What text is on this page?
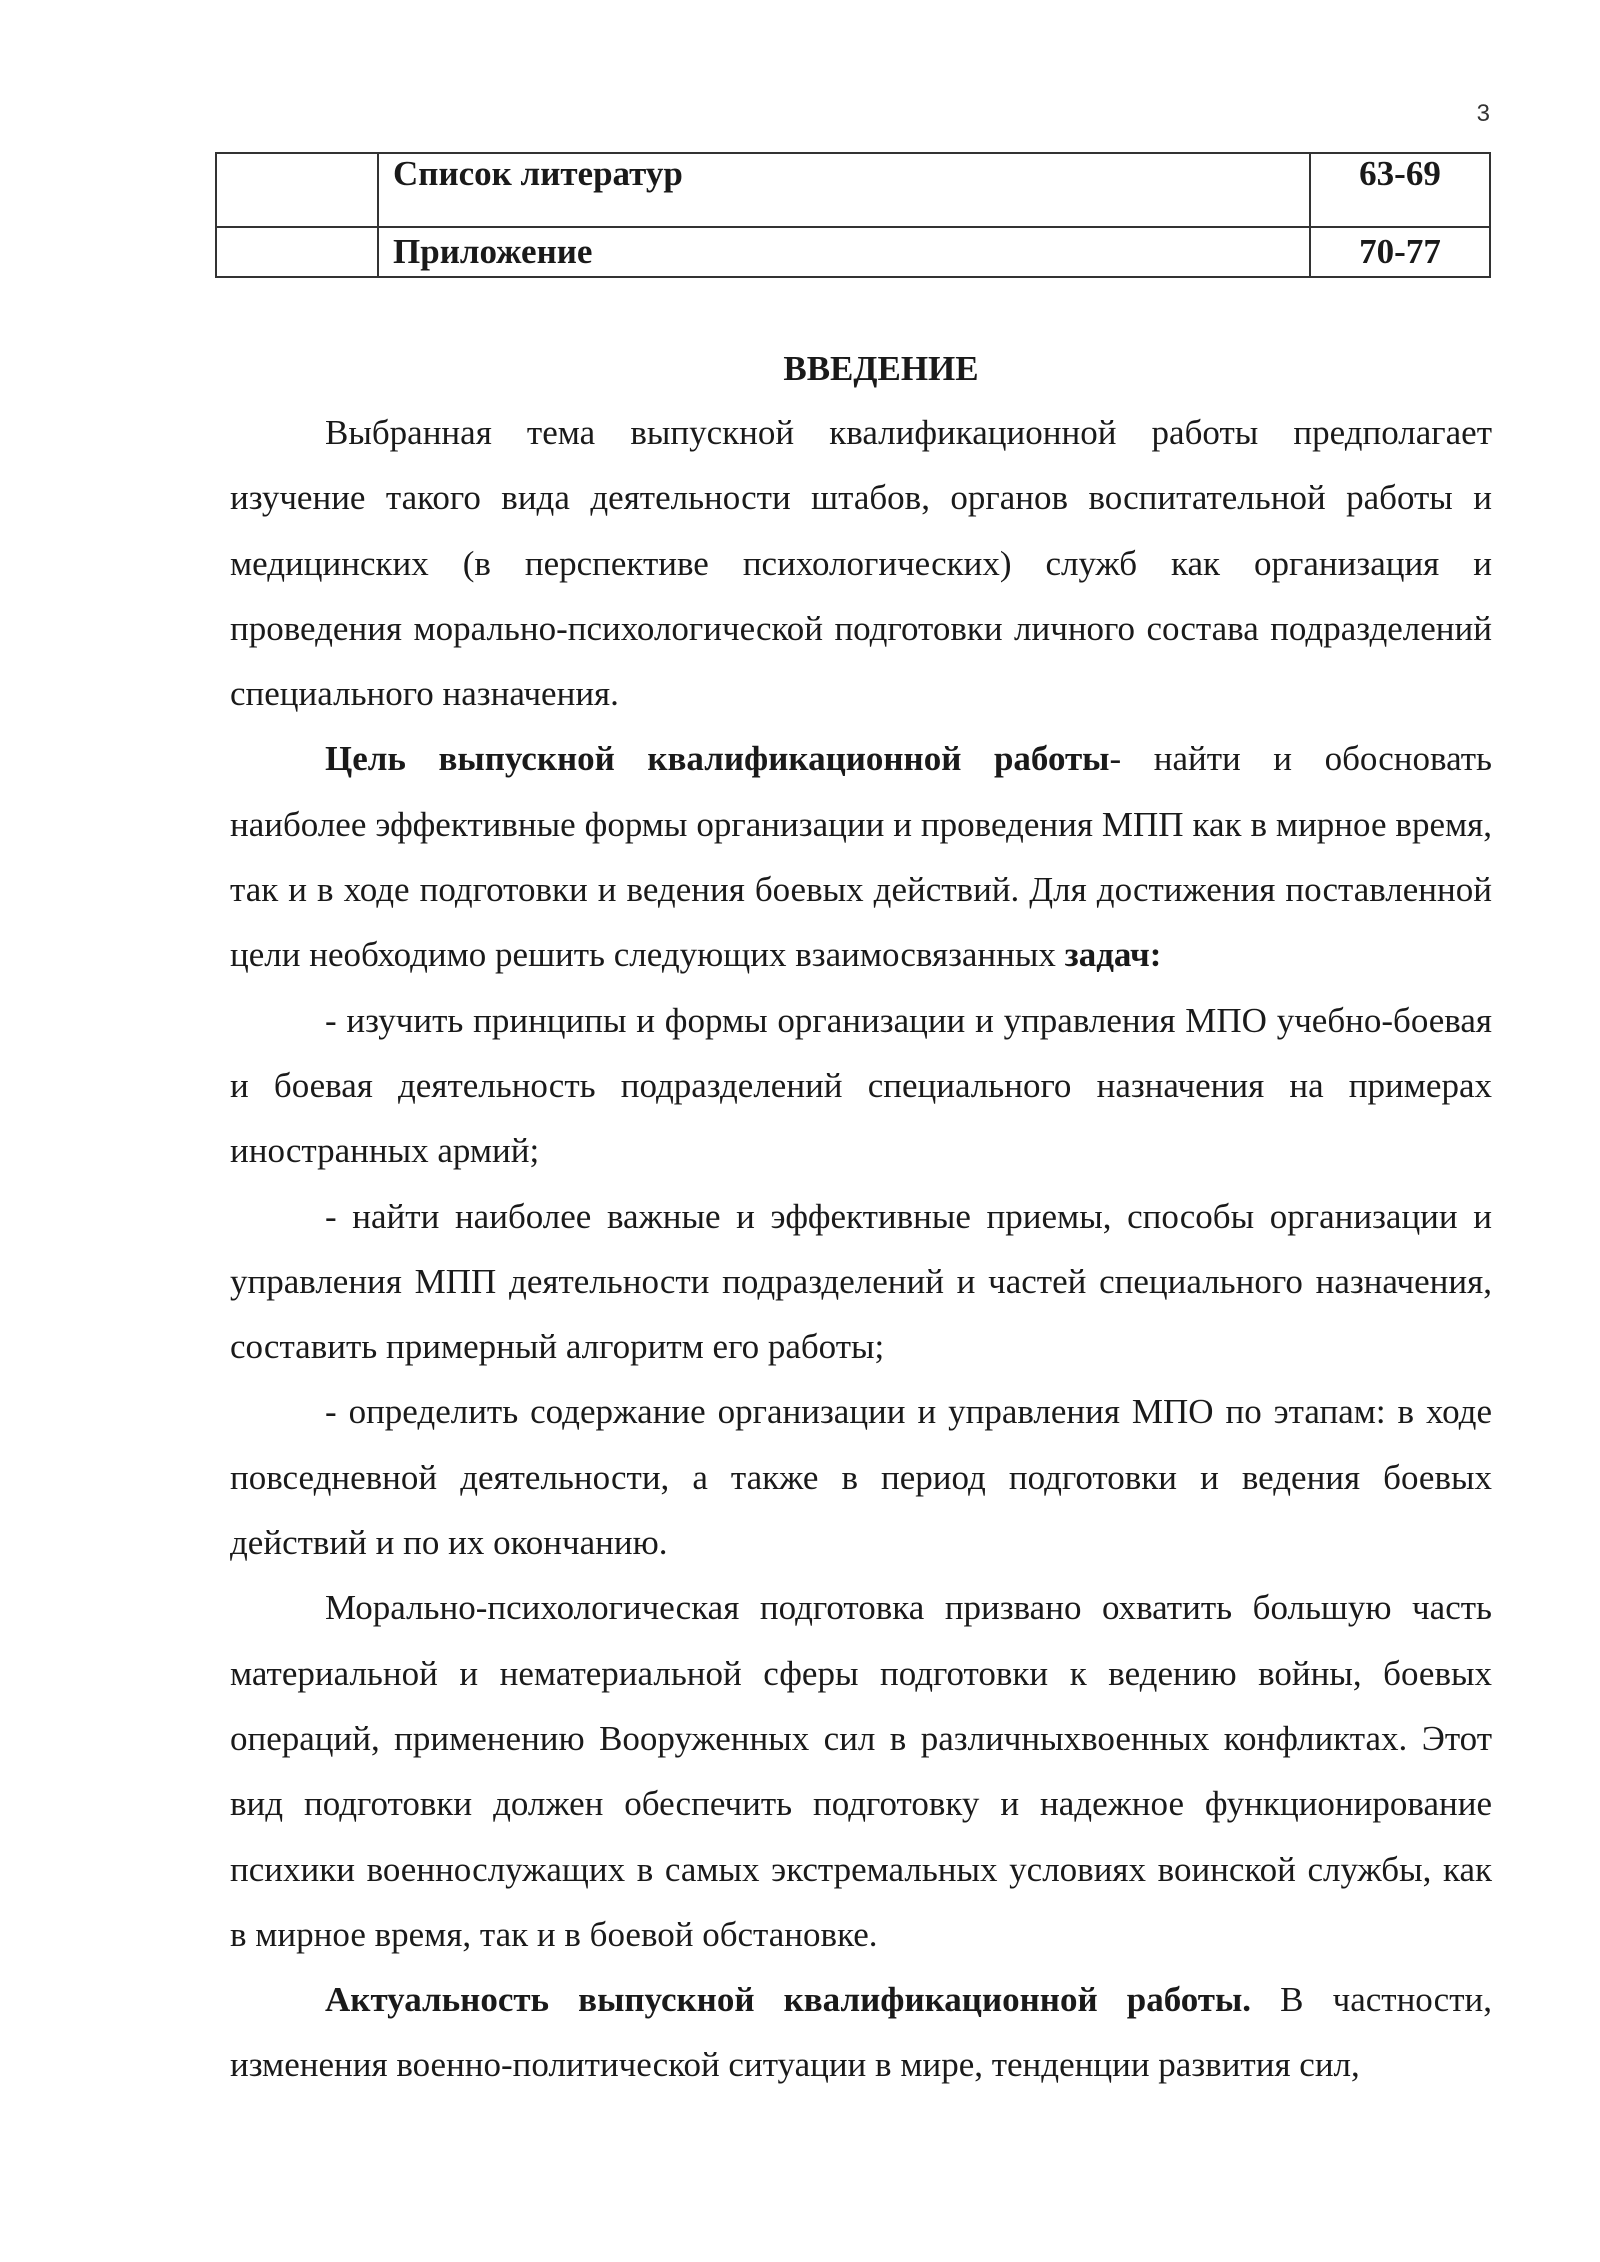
3
	Список литератур	63-69
	Приложение	70-77
ВВЕДЕНИЕ

Выбранная тема выпускной квалификационной работы предполагает изучение такого вида деятельности штабов, органов воспитательной работы и медицинских (в перспективе психологических) служб как организация и проведения морально-психологической подготовки личного состава подразделений специального назначения.

Цель выпускной квалификационной работы- найти и обосновать наиболее эффективные формы организации и проведения МПП как в мирное время, так и в ходе подготовки и ведения боевых действий. Для достижения поставленной цели необходимо решить следующих взаимосвязанных задач:

- изучить принципы и формы организации и управления МПО учебно-боевая и боевая деятельность подразделений специального назначения на примерах иностранных армий;

- найти наиболее важные и эффективные приемы, способы организации и управления МПП деятельности подразделений и частей специального назначения, составить примерный алгоритм его работы;

- определить содержание организации и управления МПО по этапам: в ходе повседневной деятельности, а также в период подготовки и ведения боевых действий и по их окончанию.

Морально-психологическая подготовка призвано охватить большую часть материальной и нематериальной сферы подготовки к ведению войны, боевых операций, применению Вооруженных сил в различныхвоенных конфликтах. Этот вид подготовки должен обеспечить подготовку и надежное функционирование психики военнослужащих в самых экстремальных условиях воинской службы, как в мирное время, так и в боевой обстановке.

Актуальность выпускной квалификационной работы. В частности, изменения военно-политической ситуации в мире, тенденции развития сил,
